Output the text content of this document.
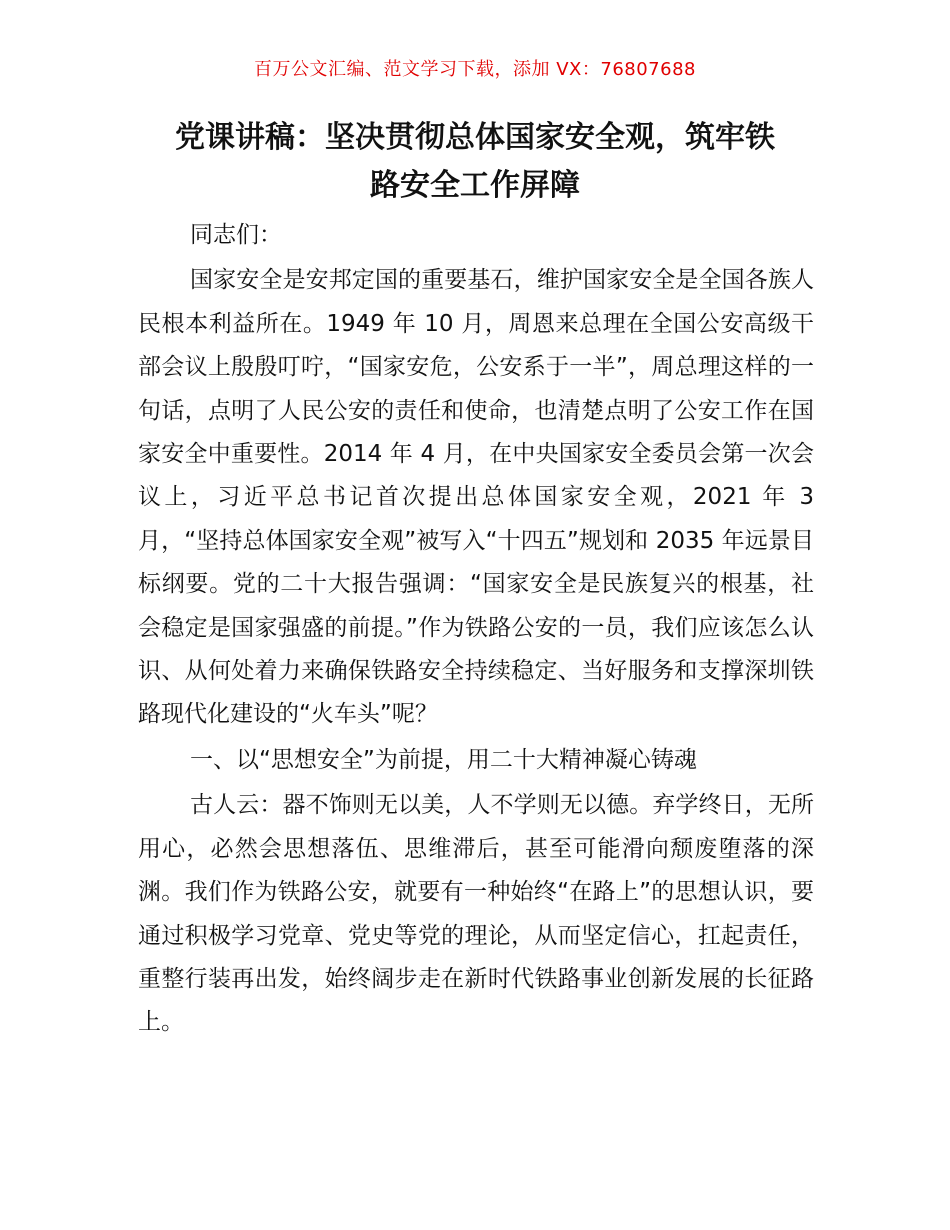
百万公文汇编、范文学习下载，添加 VX：76807688
党课讲稿：坚决贯彻总体国家安全观，筑牢铁
路安全工作屏障

同志们：

国家安全是安邦定国的重要基石，维护国家安全是全国各族人民根本利益所在。1949 年 10 月，周恩来总理在全国公安高级干部会议上殷殷叮咛，“国家安危，公安系于一半”，周总理这样的一句话，点明了人民公安的责任和使命，也清楚点明了公安工作在国家安全中重要性。2014 年 4 月，在中央国家安全委员会第一次会议上，习近平总书记首次提出总体国家安全观，2021 年 3 月，“坚持总体国家安全观”被写入“十四五”规划和 2035 年远景目标纲要。党的二十大报告强调：“国家安全是民族复兴的根基，社会稳定是国家强盛的前提。”作为铁路公安的一员，我们应该怎么认识、从何处着力来确保铁路安全持续稳定、当好服务和支撑深圳铁路现代化建设的“火车头”呢？

一、以“思想安全”为前提，用二十大精神凝心铸魂

古人云：器不饰则无以美，人不学则无以德。弃学终日，无所用心，必然会思想落伍、思维滞后，甚至可能滑向颓废堕落的深渊。我们作为铁路公安，就要有一种始终“在路上”的思想认识，要通过积极学习党章、党史等党的理论，从而坚定信心，扛起责任，重整行装再出发，始终阔步走在新时代铁路事业创新发展的长征路上。
